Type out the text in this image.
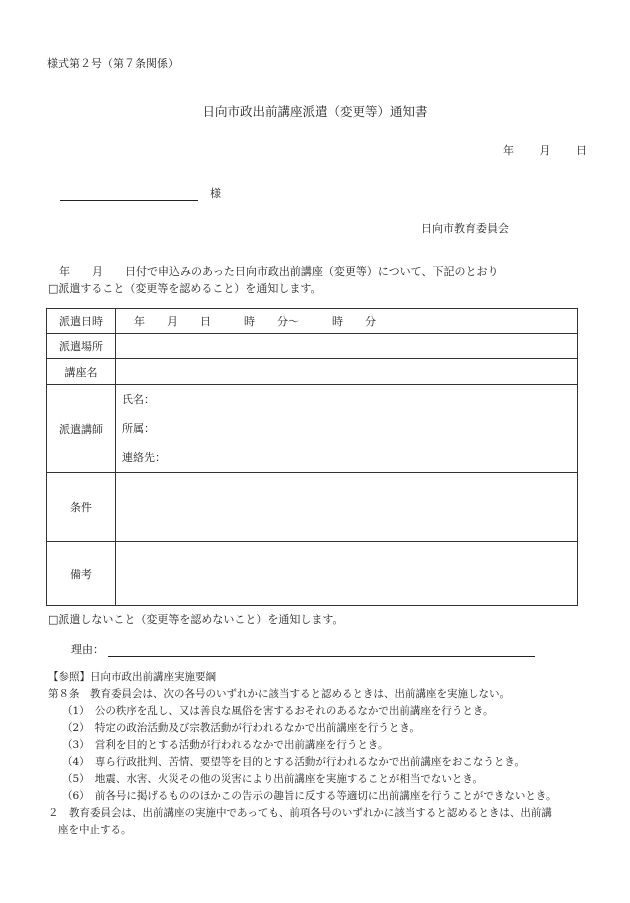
様式第２号（第７条関係）
日向市政出前講座派遣（変更等）通知書
年 月 日
様
日向市教育委員会
　年　　月　　日付で申込みのあった日向市政出前講座（変更等）について、下記のとおり
□派遣すること（変更等を認めること）を通知します。
派遣日時	年　　月　　日　　　時　　分～　　　時　　分
派遣場所	
講座名	
派遣講師	氏名：
所属：
連絡先：

条件	
備考	
□派遣しないこと（変更等を認めないこと）を通知します。
理由：
【参照】日向市政出前講座実施要綱
第８条　教育委員会は、次の各号のいずれかに該当すると認めるときは、出前講座を実施しない。
（1）　公の秩序を乱し、又は善良な風俗を害するおそれのあるなかで出前講座を行うとき。
（2）　特定の政治活動及び宗教活動が行われるなかで出前講座を行うとき。
（3）　営利を目的とする活動が行われるなかで出前講座を行うとき。
（4）　専ら行政批判、苦情、要望等を目的とする活動が行われるなかで出前講座をおこなうとき。
（5）　地震、水害、火災その他の災害により出前講座を実施することが相当でないとき。
（6）　前各号に掲げるもののほかこの告示の趣旨に反する等適切に出前講座を行うことができないとき。
２　教育委員会は、出前講座の実施中であっても、前項各号のいずれかに該当すると認めるときは、出前講
座を中止する。
